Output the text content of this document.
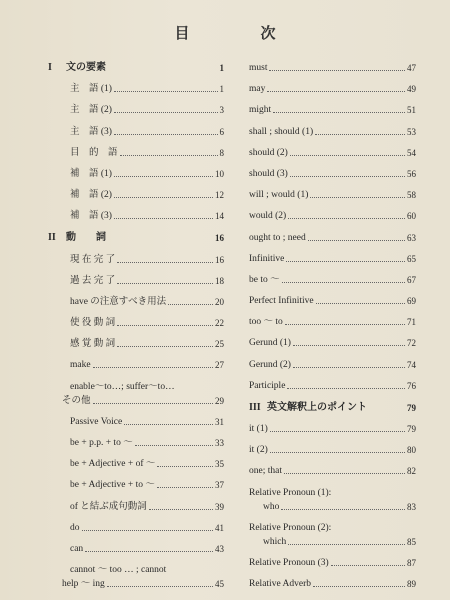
目　次
I	文の要素	1
主　語 (1)	1
主　語 (2)	3
主　語 (3)	6
目　的　語	8
補　語 (1)	10
補　語 (2)	12
補　語 (3)	14
II	動　　詞	16
現 在 完 了	16
過 去 完 了	18
have の注意すべき用法	20
使 役 動 詞	22
感 覚 動 詞	25
make	27
enable～to…; suffer～to…
その他	29
Passive Voice	31
be + p.p. + to ～	33
be + Adjective + of ～	35
be + Adjective + to ～	37
of と結ぶ成句動詞	39
do	41
can	43
cannot ～ too … ; cannot
help ～ ing	45
must	47
may	49
might	51
shall ; should (1)	53
should (2)	54
should (3)	56
will ; would (1)	58
would (2)	60
ought to ; need	63
Infinitive	65
be to ～	67
Perfect Infinitive	69
too ～ to	71
Gerund (1)	72
Gerund (2)	74
Participle	76
III 英文解釈上のポイント	79
it (1)	79
it (2)	80
one; that	82
Relative Pronoun (1):
who	83
Relative Pronoun (2):
which	85
Relative Pronoun (3)	87
Relative Adverb	89
